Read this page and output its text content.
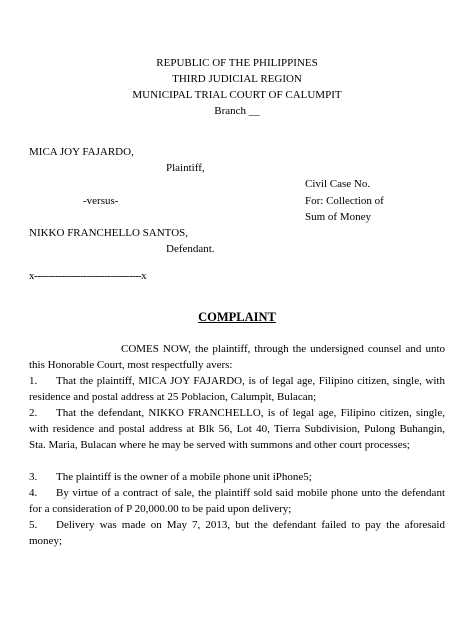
REPUBLIC OF THE PHILIPPINES
THIRD JUDICIAL REGION
MUNICIPAL TRIAL COURT OF CALUMPIT
Branch __
MICA JOY FAJARDO,
Plaintiff,
Civil Case No.
-versus-	For: Collection of
Sum of Money
NIKKO FRANCHELLO SANTOS,
Defendant.
x-----------------------------------x
COMPLAINT
COMES NOW, the plaintiff, through the undersigned counsel and unto this Honorable Court, most respectfully avers:
1. That the plaintiff, MICA JOY FAJARDO, is of legal age, Filipino citizen, single, with residence and postal address at 25 Poblacion, Calumpit, Bulacan;
2. That the defendant, NIKKO FRANCHELLO, is of legal age, Filipino citizen, single, with residence and postal address at Blk 56, Lot 40, Tierra Subdivision, Pulong Buhangin, Sta. Maria, Bulacan where he may be served with summons and other court processes;
3. The plaintiff is the owner of a mobile phone unit iPhone5;
4. By virtue of a contract of sale, the plaintiff sold said mobile phone unto the defendant for a consideration of P 20,000.00 to be paid upon delivery;
5. Delivery was made on May 7, 2013, but the defendant failed to pay the aforesaid money;
